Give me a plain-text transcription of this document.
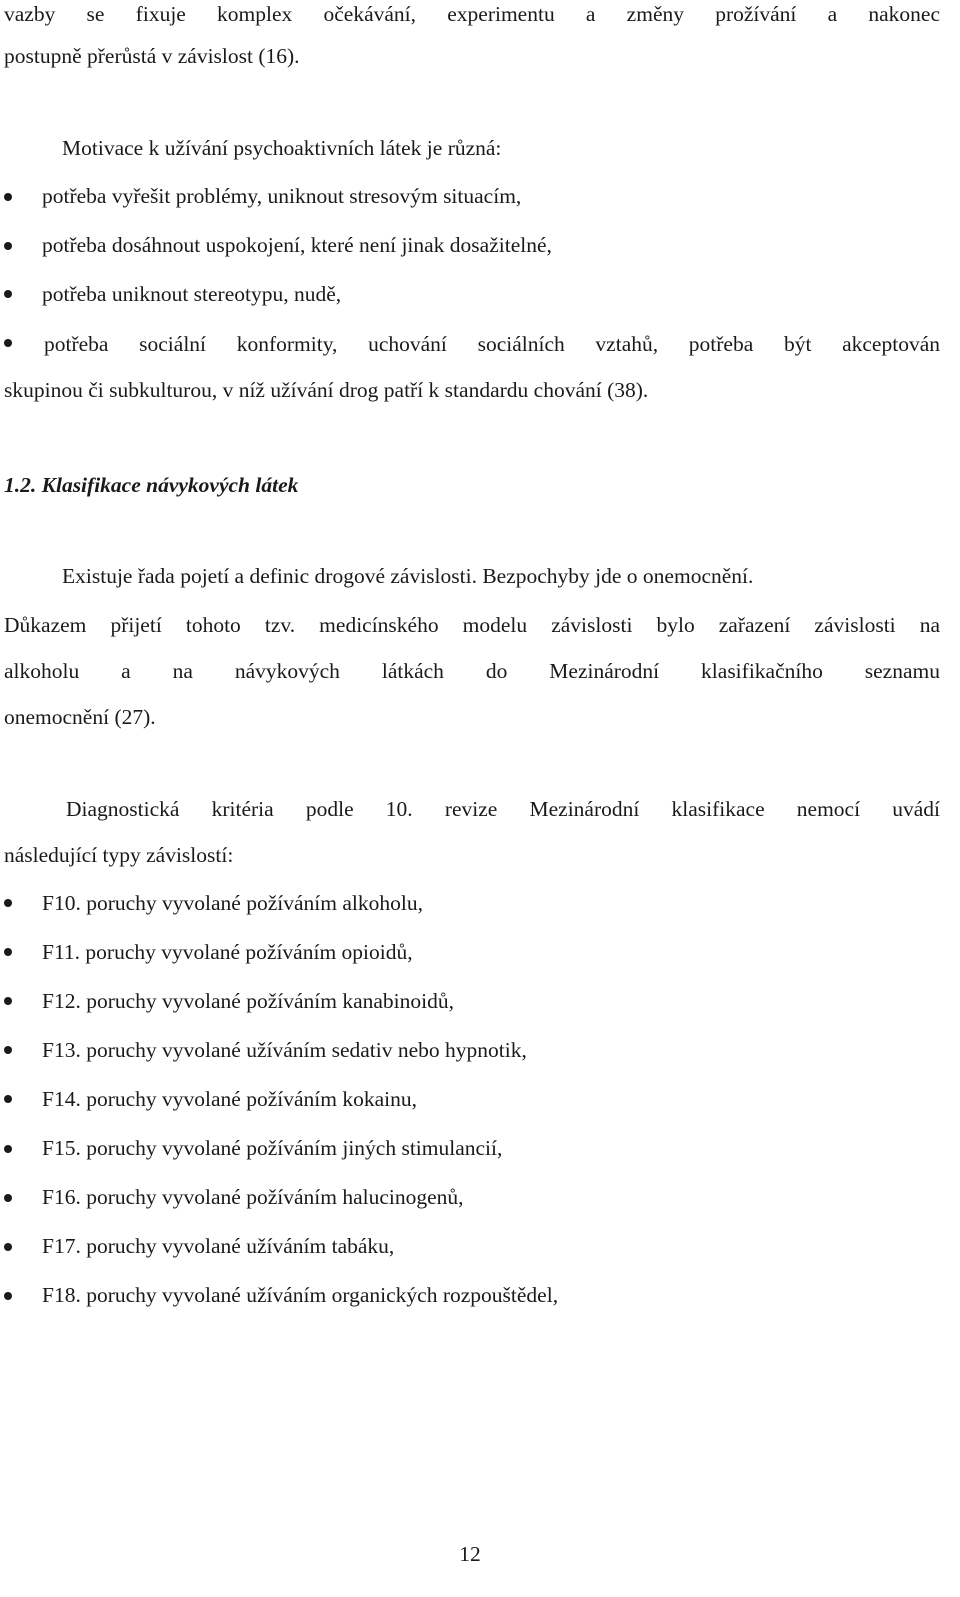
vazby se fixuje komplex očekávání, experimentu a změny prožívání a nakonec
postupně přerůstá v závislost (16).
Motivace k užívání psychoaktivních látek je různá:
potřeba vyřešit problémy, uniknout stresovým situacím,
potřeba dosáhnout uspokojení, které není jinak dosažitelné,
potřeba uniknout stereotypu, nudě,
potřeba sociální konformity, uchování sociálních vztahů, potřeba být akceptován
skupinou či subkulturou, v níž užívání drog patří k standardu chování (38).
1.2. Klasifikace návykových látek
Existuje řada pojetí a definic drogové závislosti. Bezpochyby jde o onemocnění.
Důkazem přijetí tohoto tzv. medicínského modelu závislosti bylo zařazení závislosti na
alkoholu a na návykových látkách do Mezinárodní klasifikačního seznamu
onemocnění (27).
Diagnostická kritéria podle 10. revize Mezinárodní klasifikace nemocí uvádí
následující typy závislostí:
F10. poruchy vyvolané požíváním alkoholu,
F11. poruchy vyvolané požíváním opioidů,
F12. poruchy vyvolané požíváním kanabinoidů,
F13. poruchy vyvolané užíváním sedativ nebo hypnotik,
F14. poruchy vyvolané požíváním kokainu,
F15. poruchy vyvolané požíváním jiných stimulancií,
F16. poruchy vyvolané požíváním halucinogenů,
F17. poruchy vyvolané užíváním tabáku,
F18. poruchy vyvolané užíváním organických rozpouštědel,
12
